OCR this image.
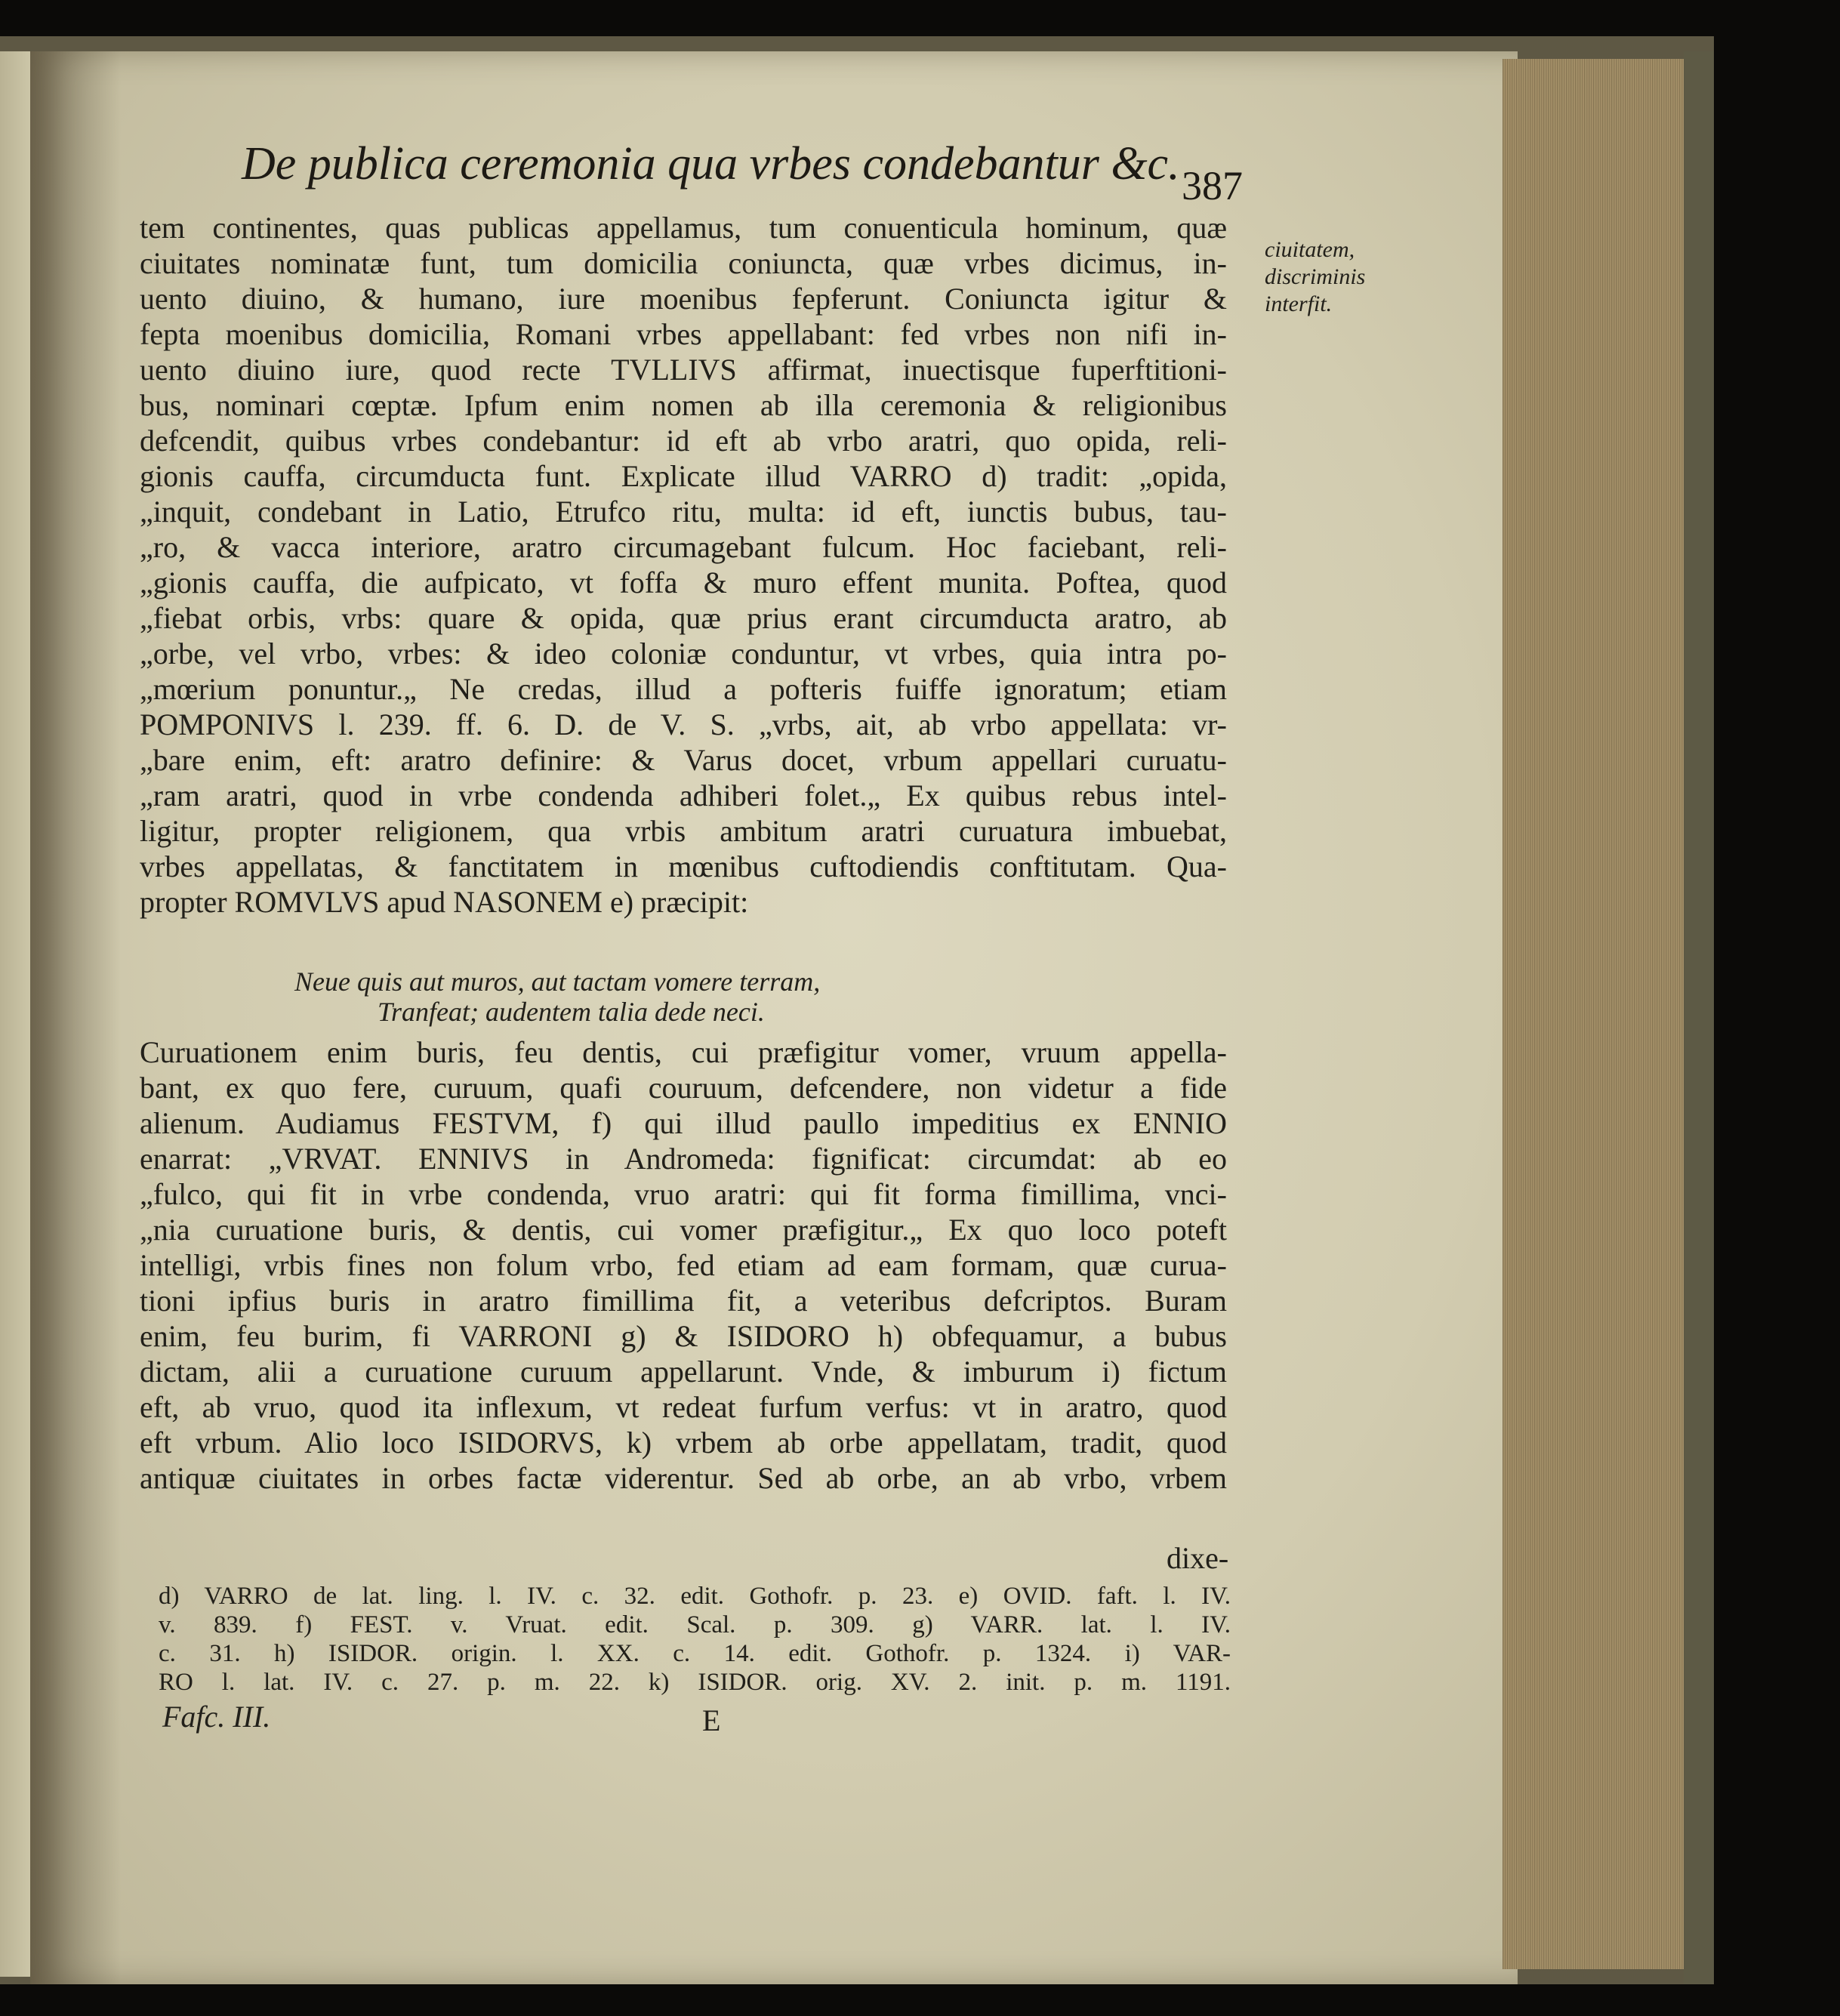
De publica ceremonia qua vrbes condebantur &c. 387
ciuitatem,
discriminis
interfit.
tem continentes, quas publicas appellamus, tum conuenticula hominum, quæ
ciuitates nominatæ funt, tum domicilia coniuncta, quæ vrbes dicimus, in-
uento diuino, & humano, iure moenibus fepferunt. Coniuncta igitur &
fepta moenibus domicilia, Romani vrbes appellabant: fed vrbes non nifi in-
uento diuino iure, quod recte TVLLIVS affirmat, inuectisque fuperftitioni-
bus, nominari cœptæ. Ipfum enim nomen ab illa ceremonia & religionibus
defcendit, quibus vrbes condebantur: id eft ab vrbo aratri, quo opida, reli-
gionis cauffa, circumducta funt. Explicate illud VARRO d) tradit: „opida,
„inquit, condebant in Latio, Etrufco ritu, multa: id eft, iunctis bubus, tau-
„ro, & vacca interiore, aratro circumagebant fulcum. Hoc faciebant, reli-
„gionis cauffa, die aufpicato, vt foffa & muro effent munita. Poftea, quod
„fiebat orbis, vrbs: quare & opida, quæ prius erant circumducta aratro, ab
„orbe, vel vrbo, vrbes: & ideo coloniæ conduntur, vt vrbes, quia intra po-
„mœrium ponuntur.„ Ne credas, illud a pofteris fuiffe ignoratum; etiam
POMPONIVS l. 239. ff. 6. D. de V. S. „vrbs, ait, ab vrbo appellata: vr-
„bare enim, eft: aratro definire: & Varus docet, vrbum appellari curuatu-
„ram aratri, quod in vrbe condenda adhiberi folet.„ Ex quibus rebus intel-
ligitur, propter religionem, qua vrbis ambitum aratri curuatura imbuebat,
vrbes appellatas, & fanctitatem in mœnibus cuftodiendis conftitutam. Qua-
propter ROMVLVS apud NASONEM e) præcipit:
Neue quis aut muros, aut tactam vomere terram,
Tranfeat; audentem talia dede neci.
Curuationem enim buris, feu dentis, cui præfigitur vomer, vruum appella-
bant, ex quo fere, curuum, quafi couruum, defcendere, non videtur a fide
alienum. Audiamus FESTVM, f) qui illud paullo impeditius ex ENNIO
enarrat: „VRVAT. ENNIVS in Andromeda: fignificat: circumdat: ab eo
„fulco, qui fit in vrbe condenda, vruo aratri: qui fit forma fimillima, vnci-
„nia curuatione buris, & dentis, cui vomer præfigitur.„ Ex quo loco poteft
intelligi, vrbis fines non folum vrbo, fed etiam ad eam formam, quæ curua-
tioni ipfius buris in aratro fimillima fit, a veteribus defcriptos. Buram
enim, feu burim, fi VARRONI g) & ISIDORO h) obfequamur, a bubus
dictam, alii a curuatione curuum appellarunt. Vnde, & imburum i) fictum
eft, ab vruo, quod ita inflexum, vt redeat furfum verfus: vt in aratro, quod
eft vrbum. Alio loco ISIDORVS, k) vrbem ab orbe appellatam, tradit, quod
antiquæ ciuitates in orbes factæ viderentur. Sed ab orbe, an ab vrbo, vrbem
dixe-
d) VARRO de lat. ling. l. IV. c. 32. edit. Gothofr. p. 23. e) OVID. faft. l. IV.
v. 839. f) FEST. v. Vruat. edit. Scal. p. 309. g) VARR. lat. l. IV.
c. 31. h) ISIDOR. origin. l. XX. c. 14. edit. Gothofr. p. 1324. i) VAR-
RO l. lat. IV. c. 27. p. m. 22. k) ISIDOR. orig. XV. 2. init. p. m. 1191.
Fafc. III.	E
